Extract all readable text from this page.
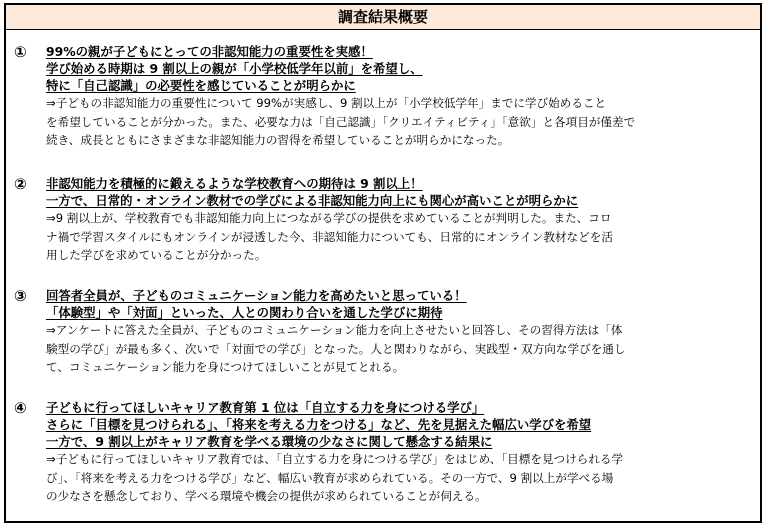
調査結果概要
①	99%の親が子どもにとっての非認知能力の重要性を実感！
学び始める時期は 9 割以上の親が「小学校低学年以前」を希望し、
特に「自己認識」の必要性を感じていることが明らかに
⇒子どもの非認知能力の重要性について 99%が実感し、9 割以上が「小学校低学年」までに学び始めること
を希望していることが分かった。また、必要な力は「自己認識」「クリエイティビティ」「意欲」と各項目が僅差で
続き、成長とともにさまざまな非認知能力の習得を希望していることが明らかになった。
②	非認知能力を積極的に鍛えるような学校教育への期待は 9 割以上！
一方で、日常的・オンライン教材での学びによる非認知能力向上にも関心が高いことが明らかに
⇒9 割以上が、学校教育でも非認知能力向上につながる学びの提供を求めていることが判明した。また、コロ
ナ禍で学習スタイルにもオンラインが浸透した今、非認知能力についても、日常的にオンライン教材などを活
用した学びを求めていることが分かった。
③	回答者全員が、子どものコミュニケーション能力を高めたいと思っている！
「体験型」や「対面」といった、人との関わり合いを通した学びに期待
⇒アンケートに答えた全員が、子どものコミュニケーション能力を向上させたいと回答し、その習得方法は「体
験型の学び」が最も多く、次いで「対面での学び」となった。人と関わりながら、実践型・双方向な学びを通し
て、コミュニケーション能力を身につけてほしいことが見てとれる。
④	子どもに行ってほしいキャリア教育第 1 位は「自立する力を身につける学び」
さらに「目標を見つけられる」、「将来を考える力をつける」など、先を見据えた幅広い学びを希望
一方で、9 割以上がキャリア教育を学べる環境の少なさに関して懸念する結果に
⇒子どもに行ってほしいキャリア教育では、「自立する力を身につける学び」をはじめ、「目標を見つけられる学
び」、「将来を考える力をつける学び」など、幅広い教育が求められている。その一方で、9 割以上が学べる場
の少なさを懸念しており、学べる環境や機会の提供が求められていることが伺える。
